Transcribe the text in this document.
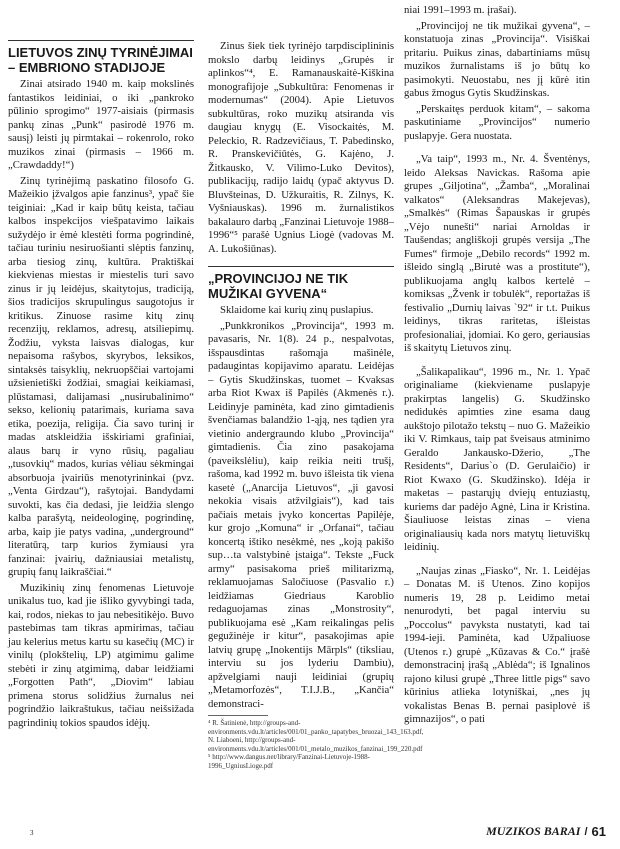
LIETUVOS ZINŲ TYRINĖJIMAI – EMBRIONO STADIJOJE

Zinai atsirado 1940 m. kaip mokslinės fantastikos leidiniai, o iki „pankroko pūlinio sprogimo“ 1977-aisiais (pirmasis pankų zinas „Punk“ pasirodė 1976 m. sausį) leisti jų pirmtakai – rokenrolo, roko muzikos zinai (pirmasis – 1966 m. „Crawdaddy!“)

Zinų tyrinėjimą paskatino filosofo G. Mažeikio įžvalgos apie fanzinus³, ypač šie teiginiai: „Kad ir kaip būtų keista, tačiau kalbos inspekcijos viešpatavimo laikais sužydėjo ir ėmė klestėti forma pogrindinė, tačiau turiniu nesiruošianti slėptis fanzinų, arba tiesiog zinų, kultūra. Praktiškai kiekvienas miestas ir miestelis turi savo zinus ir jų leidėjus, skaitytojus, tradiciją, šios tradicijos skrupulingus saugotojus ir kritikus. Zinuose rasime kitų zinų recenzijų, reklamos, adresų, atsiliepimų. Žodžiu, vyksta laisvas dialogas, kur nepaisoma rašybos, skyrybos, leksikos, sintaksės taisyklių, nekruopščiai vartojami užsienietiški žodžiai, smagiai keikiamasi, plūstamasi, dalijamasi „nusirubalinimo“ sekso, kelionių patarimais, kuriama sava etika, poezija, religija. Čia savo turinį ir madas atskleidžia išskiriami grafiniai, alaus barų ir vyno rūsių, pagaliau „tusovkių“ mados, kurias vėliau sėkmingai absorbuoja įvairiūs menotyrininkai (pvz. „Venta Girdzau“), rašytojai. Bandydami suvokti, kas čia dedasi, jie leidžia slengo kalba parašytą, neideologinę, pogrindinę, arba, kaip jie patys vadina, „underground“ literatūrą, tarp kurios žymiausi yra fanzinai: įvairių, dažniausiai metalistų, grupių fanų laikraščiai.“

Muzikinių zinų fenomenas Lietuvoje unikalus tuo, kad jie išliko gyvybingi tada, kai, rodos, niekas to jau nebesitikėjo. Buvo pastebimas tam tikras apmirimas, tačiau jau kelerius metus kartu su kasečių (MC) ir vinilų (plokštelių, LP) atgimimu galime stebėti ir zinų atgimimą, dabar leidžiami „Forgotten Path“, „Diovim“ labiau primena storus solidžius žurnalus nei pogrindžio laikraštukus, tačiau neišsižada pagrindinių tokios spaudos idėjų.

Zinus šiek tiek tyrinėjo tarpdisciplininis mokslo darbų leidinys „Grupės ir aplinkos“⁴, E. Ramanauskaitė-Kiškina monografijoje „Subkultūra: Fenomenas ir modernumas“ (2004). Apie Lietuvos subkultūras, roko muzikų atsiranda vis daugiau knygų (E. Visockaitės, M. Peleckio, R. Radzevičiaus, T. Pabedinsko, R. Pranskevičiūtės, G. Kajėno, J. Žitkausko, V. Vilimo-Luko Devitos), publikacijų, radijo laidų (ypač aktyvus D. Bluvšteinas, D. Užkuraitis, R. Zilnys, K. Vyšniauskas). 1996 m. žurnalistikos bakalauro darbą „Fanzinai Lietuvoje 1988–1996“⁵ parašė Ugnius Liogė (vadovas M. A. Lukošiūnas).

„PROVINCIJOJ NE TIK MUŽIKAI GYVENA“

Sklaidome kai kurių zinų puslapius.

„Punkkronikos „Provincija“, 1993 m. pavasaris, Nr. 1(8). 24 p., nespalvotas, išspausdintas rašomąja mašinėle, padaugintas kopijavimo aparatu. Leidėjas – Gytis Skudžinskas, tuomet – Kvaksas arba Riot Kwax iš Papilės (Akmenės r.). Leidinyje paminėta, kad zino gimtadienis švenčiamas balandžio 1-ąją, nes tądien yra vietinio andergraundo klubo „Provincija“ gimtadienis. Čia zino pasakojama (paveikslėliu), kaip reikia neiti trušį, rašoma, kad 1992 m. buvo išleista tik viena kasetė („Anarcija Lietuvos“, „ji gavosi nekokia visais atžvilgiais“), kad tais pačiais metais įvyko koncertas Papilėje, kur grojo „Komuna“ ir „Orfanai“, tačiau koncertą ištiko nesėkmė, nes „koją pakišo sup…ta valstybinė įstaiga“. Tekste „Fuck army“ pasisakoma prieš militarizmą, reklamuojamas Saločiuose (Pasvalio r.) leidžiamas Giedriaus Karoblio redaguojamas zinas „Monstrosity“, publikuojama esė „Kam reikalingas pelis gegužinėje ir kitur“, pasakojimas apie latvių grupę „Inokentijs Mārpls“ (tiksliau, interviu su jos lyderiu Dambiu), apžvelgiami nauji leidiniai (grupių „Metamorfozės“, T.I.J.B., „Kančia“ demonstraci-

⁴ R. Šatinienė, http://groups-and-environments.vdu.lt/articles/001/01_panko_tapatybes_bruozai_143_163.pdf, N. Liaboeni, http://groups-and-environments.vdu.lt/articles/001/01_metalo_muzikos_fanzinai_199_220.pdf

⁵ http://www.dangus.net/library/Fanzinai-Lietuvoje-1988-1996_UgniusLioge.pdf

niai 1991–1993 m. įrašai).

„Provincijoj ne tik mužikai gyvena“, – konstatuoja zinas „Provincija“. Visiškai pritariu. Puikus zinas, dabartiniams mūsų muzikos žurnalistams iš jo būtų ko pasimokyti. Neuostabu, nes jį kūrė itin gabus žmogus Gytis Skudžinskas.

„Perskaitęs perduok kitam“, – sakoma paskutiniame „Provincijos“ numerio puslapyje. Gera nuostata.

„Va taip“, 1993 m., Nr. 4. Šventėnys, leido Aleksas Navickas. Rašoma apie grupes „Giljotina“, „Žamba“, „Moralinai valkatos“ (Aleksandras Makejevas), „Smalkės“ (Rimas Šapauskas ir grupės „Vėjo nunešti“ nariai Arnoldas ir Taušendas; angliškoji grupės versija „The Fumes“ firmoje „Debilo records“ 1992 m. išleido singlą „Birutė was a prostitute“), publikuojama anglų kalbos kertelė – komiksas „Žvenk ir tobulėk“, reportažas iš festivalio „Durnių laivas `92“ ir t.t. Puikus leidinys, tikras raritetas, išleistas profesionaliai, įdomiai. Ko gero, geriausias iš skaitytų Lietuvos zinų.

„Šalikapalikau“, 1996 m., Nr. 1. Ypač originaliame (kiekviename puslapyje prakirptas langelis) G. Skudžinsko nedidukės apimties zine esama daug aukštojo pilotažo tekstų – nuo G. Mažeikio iki V. Rimkaus, taip pat šveisaus atminimo Geraldo Jankausko-Džerio, „The Residents“, Darius`o (D. Gerulaičio) ir Riot Kwaxo (G. Skudžinsko). Idėja ir maketas – pastarųjų dviejų entuziastų, kuriems dar padėjo Agnė, Lina ir Kristina. Šiauliuose leistas zinas – viena originaliausių kada nors matytų lietuviškų leidinių.

„Naujas zinas „Fiasko“, Nr. 1. Leidėjas – Donatas M. iš Utenos. Zino kopijos numeris 19, 28 p. Leidimo metai nenurodyti, bet pagal interviu su „Poccolus“ pavyksta nustatyti, kad tai 1994-ieji. Paminėta, kad Užpaliuose (Utenos r.) grupė „Kūzavas & Co.“ įrašė demonstracinį įrašą „Ablėda“; iš Ignalinos rajono kilusi grupė „Three little pigs“ savo kūrinius atlieka lotyniškai, „nes jų vokalistas Benas B. pernai pasiplovė iš gimnazijos“, o pati

3	MUZIKOS BARAI / 61
